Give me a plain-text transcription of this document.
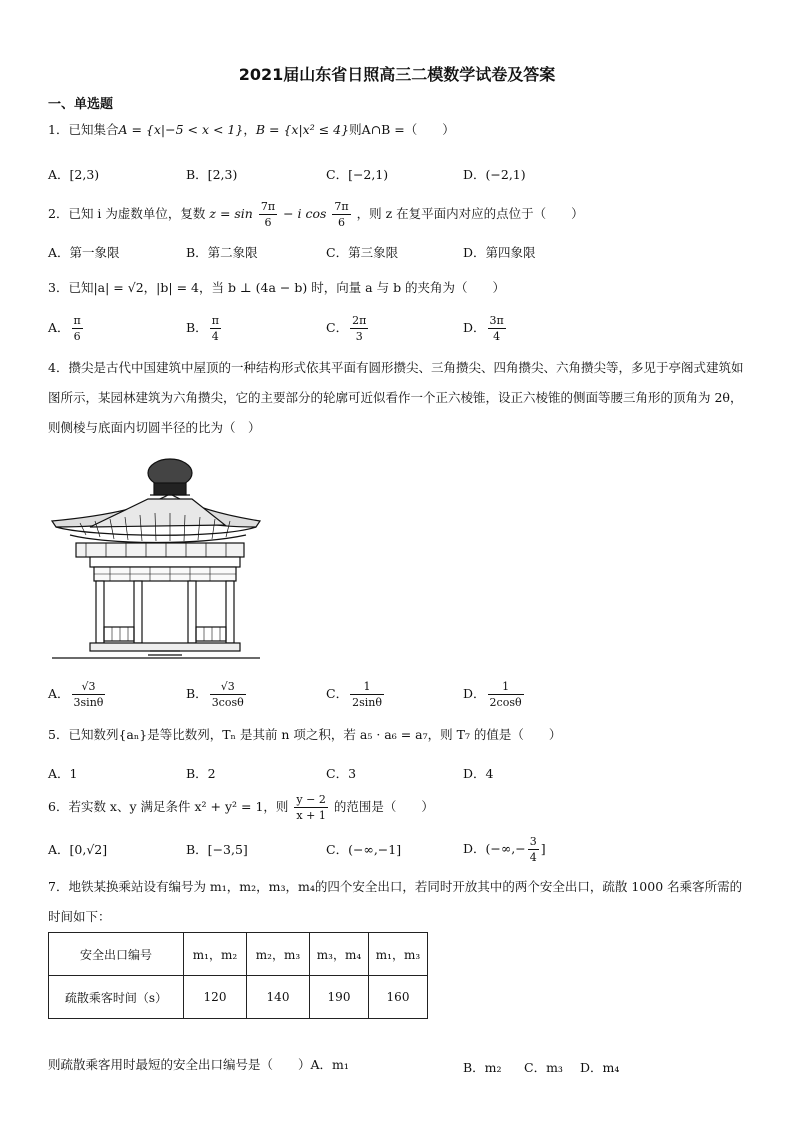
2021届山东省日照高三二模数学试卷及答案
一、单选题
1．已知集合A = {x|−5 < x < 1}，B = {x|x² ≤ 4}则A∩B =（　　）
A．[2,3)	B．[2,3)	C．[−2,1)	D．(−2,1)
2．已知 i 为虚数单位，复数 $z = \sin \frac{7\pi}{6} - i$ $\cos \frac{7\pi}{6}$ ，则 z 在复平面内对应的点位于（　　）
A．第一象限	B．第二象限	C．第三象限	D．第四象限
3．已知|a| = √2，|b| = 4，当 b ⊥ (4a − b) 时，向量 a 与 b 的夹角为（　　）
A． $\frac{\pi}{6}$	B． $\frac{\pi}{4}$	C． $\frac{2\pi}{3}$	D． $\frac{3\pi}{4}$
4．攒尖是古代中国建筑中屋顶的一种结构形式依其平面有圆形攒尖、三角攒尖、四角攒尖、六角攒尖等，多见于亭阁式建筑如图所示，某园林建筑为六角攒尖，它的主要部分的轮廓可近似看作一个正六棱锥，设正六棱锥的侧面等腰三角形的顶角为 2θ，则侧棱与底面内切圆半径的比为（　）
A． $\frac{√3}{3\sin\theta}$	B． $\frac{√3}{3\cos\theta}$	C． $\frac{1}{2\sin\theta}$	D． $\frac{1}{2\cos\theta}$
5．已知数列{aₙ}是等比数列，Tₙ 是其前 n 项之积，若 a₅ · a₆ = a₇，则 T₇ 的值是（　　）
A．1	B．2	C．3	D．4
6．若实数 x、y 满足条件 x² + y² = 1，则 $\frac{y - 2}{x + 1}$ 的范围是（　　）
A．[0,√2]	B．[−3,5]	C．(−∞,−1]	D．(−∞,− $\frac{3}{4}$ ]
7．地铁某换乘站设有编号为 m₁，m₂，m₃，m₄的四个安全出口，若同时开放其中的两个安全出口，疏散 1000 名乘客所需的时间如下：
安全出口编号	m₁，m₂	m₂，m₃	m₃，m₄	m₁，m₃
疏散乘客时间（s）	120	140	190	160
则疏散乘客用时最短的安全出口编号是（　　）A．m₁	B．m₂ C．m₃ D．m₄
